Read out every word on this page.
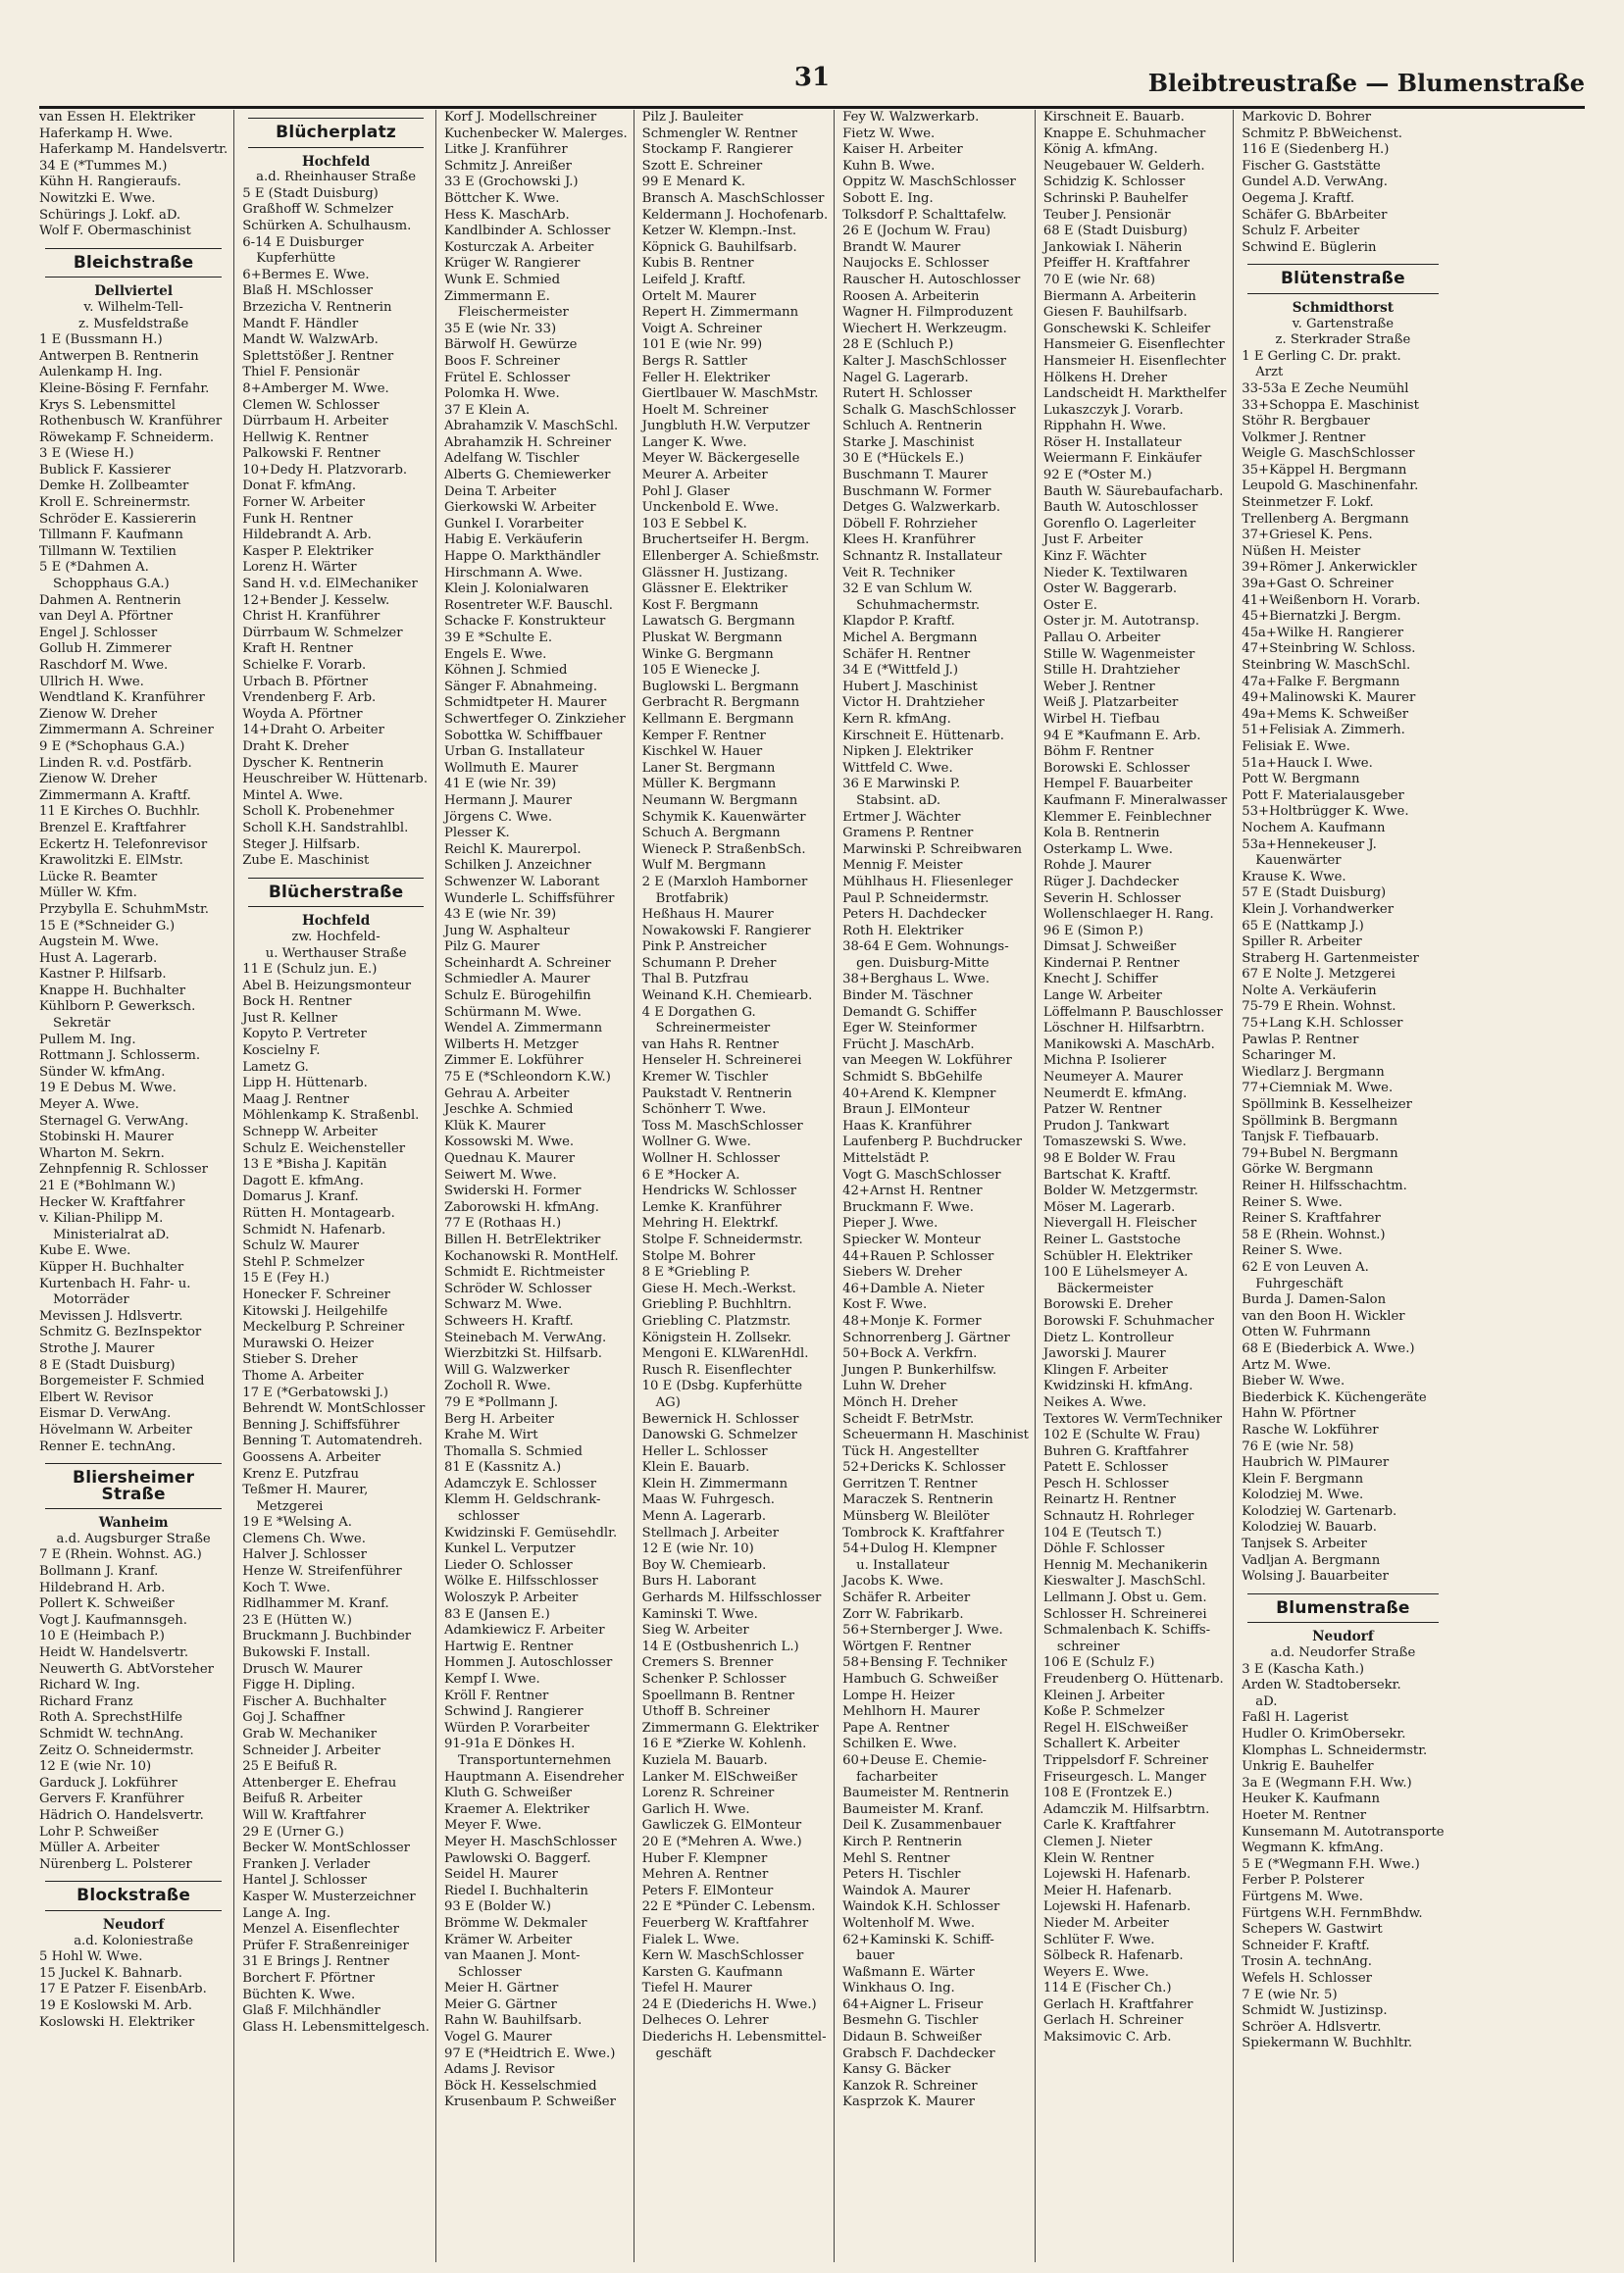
31	Bleibtreustraße — Blumenstraße
van Essen H. Elektriker
Haferkamp H. Wwe.
Haferkamp M. Handelsvertr.
34 E (*Tummes M.)
Kühn H. Rangieraufs.
Nowitzki E. Wwe.
Schürings J. Lokf. aD.
Wolf F. Obermaschinist
Bleichstraße
Dellviertel
v. Wilhelm-Tell-
z. Musfeldstraße
1 E (Bussmann H.)
Antwerpen B. Rentnerin
Aulenkamp H. Ing.
Kleine-Bösing F. Fernfahr.
Krys S. Lebensmittel
Rothenbusch W. Kranführer
Röwekamp F. Schneiderm.
3 E (Wiese H.)
Bublick F. Kassierer
Demke H. Zollbeamter
Kroll E. Schreinermstr.
Schröder E. Kassiererin
Tillmann F. Kaufmann
Tillmann W. Textilien
5 E (*Dahmen A.
Schopphaus G.A.)
Dahmen A. Rentnerin
van Deyl A. Pförtner
Engel J. Schlosser
Gollub H. Zimmerer
Raschdorf M. Wwe.
Ullrich H. Wwe.
Wendtland K. Kranführer
Zienow W. Dreher
Zimmermann A. Schreiner
9 E (*Schophaus G.A.)
Linden R. v.d. Postfärb.
Zienow W. Dreher
Zimmermann A. Kraftf.
11 E Kirches O. Buchhlr.
Brenzel E. Kraftfahrer
Eckertz H. Telefonrevisor
Krawolitzki E. ElMstr.
Lücke R. Beamter
Müller W. Kfm.
Przybylla E. SchuhmMstr.
15 E (*Schneider G.)
Augstein M. Wwe.
Hust A. Lagerarb.
Kastner P. Hilfsarb.
Knappe H. Buchhalter
Kühlborn P. Gewerksch.
Sekretär
Pullem M. Ing.
Rottmann J. Schlosserm.
Sünder W. kfmAng.
19 E Debus M. Wwe.
Meyer A. Wwe.
Sternagel G. VerwAng.
Stobinski H. Maurer
Wharton M. Sekrn.
Zehnpfennig R. Schlosser
21 E (*Bohlmann W.)
Hecker W. Kraftfahrer
v. Kilian-Philipp M.
Ministerialrat aD.
Kube E. Wwe.
Küpper H. Buchhalter
Kurtenbach H. Fahr- u.
Motorräder
Mevissen J. Hdlsvertr.
Schmitz G. BezInspektor
Strothe J. Maurer
8 E (Stadt Duisburg)
Borgemeister F. Schmied
Elbert W. Revisor
Eismar D. VerwAng.
Hövelmann W. Arbeiter
Renner E. technAng.
Bliersheimer Straße
Wanheim
a.d. Augsburger Straße
7 E (Rhein. Wohnst. AG.)
Bollmann J. Kranf.
Hildebrand H. Arb.
Pollert K. Schweißer
Vogt J. Kaufmannsgeh.
10 E (Heimbach P.)
Heidt W. Handelsvertr.
Neuwerth G. AbtVorsteher
Richard W. Ing.
Richard Franz
Roth A. SprechstHilfe
Schmidt W. technAng.
Zeitz O. Schneidermstr.
12 E (wie Nr. 10)
Garduck J. Lokführer
Gervers F. Kranführer
Hädrich O. Handelsvertr.
Lohr P. Schweißer
Müller A. Arbeiter
Nürenberg L. Polsterer
Blockstraße
Neudorf
a.d. Koloniestraße
5 Hohl W. Wwe.
15 Juckel K. Bahnarb.
17 E Patzer F. EisenbArb.
19 E Koslowski M. Arb.
Koslowski H. Elektriker
Blücherplatz
Hochfeld
a.d. Rheinhauser Straße
5 E (Stadt Duisburg)
Graßhoff W. Schmelzer
Schürken A. Schulhausm.
6-14 E Duisburger
Kupferhütte
6+Bermes E. Wwe.
Blaß H. MSchlosser
Brzezicha V. Rentnerin
Mandt F. Händler
Mandt W. WalzwArb.
Splettstößer J. Rentner
Thiel F. Pensionär
8+Amberger M. Wwe.
Clemen W. Schlosser
Dürrbaum H. Arbeiter
Hellwig K. Rentner
Palkowski F. Rentner
10+Dedy H. Platzvorarb.
Donat F. kfmAng.
Forner W. Arbeiter
Funk H. Rentner
Hildebrandt A. Arb.
Kasper P. Elektriker
Lorenz H. Wärter
Sand H. v.d. ElMechaniker
12+Bender J. Kesselw.
Christ H. Kranführer
Dürrbaum W. Schmelzer
Kraft H. Rentner
Schielke F. Vorarb.
Urbach B. Pförtner
Vrendenberg F. Arb.
Woyda A. Pförtner
14+Draht O. Arbeiter
Draht K. Dreher
Dyscher K. Rentnerin
Heuschreiber W. Hüttenarb.
Mintel A. Wwe.
Scholl K. Probenehmer
Scholl K.H. Sandstrahlbl.
Steger J. Hilfsarb.
Zube E. Maschinist
Blücherstraße
Hochfeld
zw. Hochfeld-
u. Werthauser Straße
11 E (Schulz jun. E.)
Abel B. Heizungsmonteur
Bock H. Rentner
Just R. Kellner
Kopyto P. Vertreter
Koscielny F.
Lametz G.
Lipp H. Hüttenarb.
Maag J. Rentner
Möhlenkamp K. Straßenbl.
Schnepp W. Arbeiter
Schulz E. Weichensteller
13 E *Bisha J. Kapitän
Dagott E. kfmAng.
Domarus J. Kranf.
Rütten H. Montagearb.
Schmidt N. Hafenarb.
Schulz W. Maurer
Stehl P. Schmelzer
15 E (Fey H.)
Honecker F. Schreiner
Kitowski J. Heilgehilfe
Meckelburg P. Schreiner
Murawski O. Heizer
Stieber S. Dreher
Thome A. Arbeiter
17 E (*Gerbatowski J.)
Behrendt W. MontSchlosser
Benning J. Schiffsführer
Benning T. Automatendreh.
Goossens A. Arbeiter
Krenz E. Putzfrau
Teßmer H. Maurer,
Metzgerei
19 E *Welsing A.
Clemens Ch. Wwe.
Halver J. Schlosser
Henze W. Streifenführer
Koch T. Wwe.
Ridlhammer M. Kranf.
23 E (Hütten W.)
Bruckmann J. Buchbinder
Bukowski F. Install.
Drusch W. Maurer
Figge H. Dipling.
Fischer A. Buchhalter
Goj J. Schaffner
Grab W. Mechaniker
Schneider J. Arbeiter
25 E Beifuß R.
Attenberger E. Ehefrau
Beifuß R. Arbeiter
Will W. Kraftfahrer
29 E (Urner G.)
Becker W. MontSchlosser
Franken J. Verlader
Hantel J. Schlosser
Kasper W. Musterzeichner
Lange A. Ing.
Menzel A. Eisenflechter
Prüfer F. Straßenreiniger
31 E Brings J. Rentner
Borchert F. Pförtner
Büchten K. Wwe.
Glaß F. Milchhändler
Glass H. Lebensmittelgesch.
Korf J. Modellschreiner
Kuchenbecker W. Malerges.
Litke J. Kranführer
Schmitz J. Anreißer
33 E (Grochowski J.)
Böttcher K. Wwe.
Hess K. MaschArb.
Kandlbinder A. Schlosser
Kosturczak A. Arbeiter
Krüger W. Rangierer
Wunk E. Schmied
Zimmermann E.
Fleischermeister
35 E (wie Nr. 33)
Bärwolf H. Gewürze
Boos F. Schreiner
Frütel E. Schlosser
Polomka H. Wwe.
37 E Klein A.
Abrahamzik V. MaschSchl.
Abrahamzik H. Schreiner
Adelfang W. Tischler
Alberts G. Chemiewerker
Deina T. Arbeiter
Gierkowski W. Arbeiter
Gunkel I. Vorarbeiter
Habig E. Verkäuferin
Happe O. Markthändler
Hirschmann A. Wwe.
Klein J. Kolonialwaren
Rosentreter W.F. Bauschl.
Schacke F. Konstrukteur
39 E *Schulte E.
Engels E. Wwe.
Köhnen J. Schmied
Sänger F. Abnahmeing.
Schmidtpeter H. Maurer
Schwertfeger O. Zinkzieher
Sobottka W. Schiffbauer
Urban G. Installateur
Wollmuth E. Maurer
41 E (wie Nr. 39)
Hermann J. Maurer
Jörgens C. Wwe.
Plesser K.
Reichl K. Maurerpol.
Schilken J. Anzeichner
Schwenzer W. Laborant
Wunderle L. Schiffsführer
43 E (wie Nr. 39)
Jung W. Asphalteur
Pilz G. Maurer
Scheinhardt A. Schreiner
Schmiedler A. Maurer
Schulz E. Bürogehilfin
Schürmann M. Wwe.
Wendel A. Zimmermann
Wilberts H. Metzger
Zimmer E. Lokführer
75 E (*Schleondorn K.W.)
Gehrau A. Arbeiter
Jeschke A. Schmied
Klük K. Maurer
Kossowski M. Wwe.
Quednau K. Maurer
Seiwert M. Wwe.
Swiderski H. Former
Zaborowski H. kfmAng.
77 E (Rothaas H.)
Billen H. BetrElektriker
Kochanowski R. MontHelf.
Schmidt E. Richtmeister
Schröder W. Schlosser
Schwarz M. Wwe.
Schweers H. Kraftf.
Steinebach M. VerwAng.
Wierzbitzki St. Hilfsarb.
Will G. Walzwerker
Zocholl R. Wwe.
79 E *Pollmann J.
Berg H. Arbeiter
Krahe M. Wirt
Thomalla S. Schmied
81 E (Kassnitz A.)
Adamczyk E. Schlosser
Klemm H. Geldschrank-
schlosser
Kwidzinski F. Gemüsehdlr.
Kunkel L. Verputzer
Lieder O. Schlosser
Wölke E. Hilfsschlosser
Woloszyk P. Arbeiter
83 E (Jansen E.)
Adamkiewicz F. Arbeiter
Hartwig E. Rentner
Hommen J. Autoschlosser
Kempf I. Wwe.
Kröll F. Rentner
Schwind J. Rangierer
Würden P. Vorarbeiter
91-91a E Dönkes H.
Transportunternehmen
Hauptmann A. Eisendreher
Kluth G. Schweißer
Kraemer A. Elektriker
Meyer F. Wwe.
Meyer H. MaschSchlosser
Pawlowski O. Baggerf.
Seidel H. Maurer
Riedel I. Buchhalterin
93 E (Bolder W.)
Brömme W. Dekmaler
Krämer W. Arbeiter
van Maanen J. Mont-
Schlosser
Meier H. Gärtner
Meier G. Gärtner
Rahn W. Bauhilfsarb.
Vogel G. Maurer
97 E (*Heidtrich E. Wwe.)
Adams J. Revisor
Böck H. Kesselschmied
Krusenbaum P. Schweißer
Pilz J. Bauleiter
Schmengler W. Rentner
Stockamp F. Rangierer
Szott E. Schreiner
99 E Menard K.
Bransch A. MaschSchlosser
Keldermann J. Hochofenarb.
Ketzer W. Klempn.-Inst.
Köpnick G. Bauhilfsarb.
Kubis B. Rentner
Leifeld J. Kraftf.
Ortelt M. Maurer
Repert H. Zimmermann
Voigt A. Schreiner
101 E (wie Nr. 99)
Bergs R. Sattler
Feller H. Elektriker
Giertlbauer W. MaschMstr.
Hoelt M. Schreiner
Jungbluth H.W. Verputzer
Langer K. Wwe.
Meyer W. Bäckergeselle
Meurer A. Arbeiter
Pohl J. Glaser
Unckenbold E. Wwe.
103 E Sebbel K.
Bruchertseifer H. Bergm.
Ellenberger A. Schießmstr.
Glässner H. Justizang.
Glässner E. Elektriker
Kost F. Bergmann
Lawatsch G. Bergmann
Pluskat W. Bergmann
Winke G. Bergmann
105 E Wienecke J.
Buglowski L. Bergmann
Gerbracht R. Bergmann
Kellmann E. Bergmann
Kemper F. Rentner
Kischkel W. Hauer
Laner St. Bergmann
Müller K. Bergmann
Neumann W. Bergmann
Schymik K. Kauenwärter
Schuch A. Bergmann
Wieneck P. StraßenbSch.
Wulf M. Bergmann
2 E (Marxloh Hamborner
Brotfabrik)
Heßhaus H. Maurer
Nowakowski F. Rangierer
Pink P. Anstreicher
Schumann P. Dreher
Thal B. Putzfrau
Weinand K.H. Chemiearb.
4 E Dorgathen G.
Schreinermeister
van Hahs R. Rentner
Henseler H. Schreinerei
Kremer W. Tischler
Paukstadt V. Rentnerin
Schönherr T. Wwe.
Toss M. MaschSchlosser
Wollner G. Wwe.
Wollner H. Schlosser
6 E *Hocker A.
Hendricks W. Schlosser
Lemke K. Kranführer
Mehring H. Elektrkf.
Stolpe F. Schneidermstr.
Stolpe M. Bohrer
8 E *Griebling P.
Giese H. Mech.-Werkst.
Griebling P. Buchhltrn.
Griebling C. Platzmstr.
Königstein H. Zollsekr.
Mengoni E. KLWarenHdl.
Rusch R. Eisenflechter
10 E (Dsbg. Kupferhütte
AG)
Bewernick H. Schlosser
Danowski G. Schmelzer
Heller L. Schlosser
Klein E. Bauarb.
Klein H. Zimmermann
Maas W. Fuhrgesch.
Menn A. Lagerarb.
Stellmach J. Arbeiter
12 E (wie Nr. 10)
Boy W. Chemiearb.
Burs H. Laborant
Gerhards M. Hilfsschlosser
Kaminski T. Wwe.
Sieg W. Arbeiter
14 E (Ostbushenrich L.)
Cremers S. Brenner
Schenker P. Schlosser
Spoellmann B. Rentner
Uthoff B. Schreiner
Zimmermann G. Elektriker
16 E *Zierke W. Kohlenh.
Kuziela M. Bauarb.
Lanker M. ElSchweißer
Lorenz R. Schreiner
Garlich H. Wwe.
Gawliczek G. ElMonteur
20 E (*Mehren A. Wwe.)
Huber F. Klempner
Mehren A. Rentner
Peters F. ElMonteur
22 E *Pünder C. Lebensm.
Feuerberg W. Kraftfahrer
Fialek L. Wwe.
Kern W. MaschSchlosser
Karsten G. Kaufmann
Tiefel H. Maurer
24 E (Diederichs H. Wwe.)
Delheces O. Lehrer
Diederichs H. Lebensmittel-
geschäft
Fey W. Walzwerkarb.
Fietz W. Wwe.
Kaiser H. Arbeiter
Kuhn B. Wwe.
Oppitz W. MaschSchlosser
Sobott E. Ing.
Tolksdorf P. Schalttafelw.
26 E (Jochum W. Frau)
Brandt W. Maurer
Naujocks E. Schlosser
Rauscher H. Autoschlosser
Roosen A. Arbeiterin
Wagner H. Filmproduzent
Wiechert H. Werkzeugm.
28 E (Schluch P.)
Kalter J. MaschSchlosser
Nagel G. Lagerarb.
Rutert H. Schlosser
Schalk G. MaschSchlosser
Schluch A. Rentnerin
Starke J. Maschinist
30 E (*Hückels E.)
Buschmann T. Maurer
Buschmann W. Former
Detges G. Walzwerkarb.
Döbell F. Rohrzieher
Klees H. Kranführer
Schnantz R. Installateur
Veit R. Techniker
32 E van Schlum W.
Schuhmachermstr.
Klapdor P. Kraftf.
Michel A. Bergmann
Schäfer H. Rentner
34 E (*Wittfeld J.)
Hubert J. Maschinist
Victor H. Drahtzieher
Kern R. kfmAng.
Kirschneit E. Hüttenarb.
Nipken J. Elektriker
Wittfeld C. Wwe.
36 E Marwinski P.
Stabsint. aD.
Ertmer J. Wächter
Gramens P. Rentner
Marwinski P. Schreibwaren
Mennig F. Meister
Mühlhaus H. Fliesenleger
Paul P. Schneidermstr.
Peters H. Dachdecker
Roth H. Elektriker
38-64 E Gem. Wohnungs-
gen. Duisburg-Mitte
38+Berghaus L. Wwe.
Binder M. Täschner
Demandt G. Schiffer
Eger W. Steinformer
Frücht J. MaschArb.
van Meegen W. Lokführer
Schmidt S. BbGehilfe
40+Arend K. Klempner
Braun J. ElMonteur
Haas K. Kranführer
Laufenberg P. Buchdrucker
Mittelstädt P.
Vogt G. MaschSchlosser
42+Arnst H. Rentner
Bruckmann F. Wwe.
Pieper J. Wwe.
Spiecker W. Monteur
44+Rauen P. Schlosser
Siebers W. Dreher
46+Damble A. Nieter
Kost F. Wwe.
48+Monje K. Former
Schnorrenberg J. Gärtner
50+Bock A. Verkfrn.
Jungen P. Bunkerhilfsw.
Luhn W. Dreher
Mönch H. Dreher
Scheidt F. BetrMstr.
Scheuermann H. Maschinist
Tück H. Angestellter
52+Dericks K. Schlosser
Gerritzen T. Rentner
Maraczek S. Rentnerin
Münsberg W. Bleilöter
Tombrock K. Kraftfahrer
54+Dulog H. Klempner
u. Installateur
Jacobs K. Wwe.
Schäfer R. Arbeiter
Zorr W. Fabrikarb.
56+Sternberger J. Wwe.
Wörtgen F. Rentner
58+Bensing F. Techniker
Hambuch G. Schweißer
Lompe H. Heizer
Mehlhorn H. Maurer
Pape A. Rentner
Schilken E. Wwe.
60+Deuse E. Chemie-
facharbeiter
Baumeister M. Rentnerin
Baumeister M. Kranf.
Deil K. Zusammenbauer
Kirch P. Rentnerin
Mehl S. Rentner
Peters H. Tischler
Waindok A. Maurer
Waindok K.H. Schlosser
Woltenholf M. Wwe.
62+Kaminski K. Schiff-
bauer
Waßmann E. Wärter
Winkhaus O. Ing.
64+Aigner L. Friseur
Besmehn G. Tischler
Didaun B. Schweißer
Grabsch F. Dachdecker
Kansy G. Bäcker
Kanzok R. Schreiner
Kasprzok K. Maurer
Kirschneit E. Bauarb.
Knappe E. Schuhmacher
König A. kfmAng.
Neugebauer W. Gelderh.
Schidzig K. Schlosser
Schrinski P. Bauhelfer
Teuber J. Pensionär
68 E (Stadt Duisburg)
Jankowiak I. Näherin
Pfeiffer H. Kraftfahrer
70 E (wie Nr. 68)
Biermann A. Arbeiterin
Giesen F. Bauhilfsarb.
Gonschewski K. Schleifer
Hansmeier G. Eisenflechter
Hansmeier H. Eisenflechter
Hölkens H. Dreher
Landscheidt H. Markthelfer
Lukaszczyk J. Vorarb.
Ripphahn H. Wwe.
Röser H. Installateur
Weiermann F. Einkäufer
92 E (*Oster M.)
Bauth W. Säurebaufacharb.
Bauth W. Autoschlosser
Gorenflo O. Lagerleiter
Just F. Arbeiter
Kinz F. Wächter
Nieder K. Textilwaren
Oster W. Baggerarb.
Oster E.
Oster jr. M. Autotransp.
Pallau O. Arbeiter
Stille W. Wagenmeister
Stille H. Drahtzieher
Weber J. Rentner
Weiß J. Platzarbeiter
Wirbel H. Tiefbau
94 E *Kaufmann E. Arb.
Böhm F. Rentner
Borowski E. Schlosser
Hempel F. Bauarbeiter
Kaufmann F. Mineralwasser
Klemmer E. Feinblechner
Kola B. Rentnerin
Osterkamp L. Wwe.
Rohde J. Maurer
Rüger J. Dachdecker
Severin H. Schlosser
Wollenschlaeger H. Rang.
96 E (Simon P.)
Dimsat J. Schweißer
Kindernai P. Rentner
Knecht J. Schiffer
Lange W. Arbeiter
Löffelmann P. Bauschlosser
Löschner H. Hilfsarbtrn.
Manikowski A. MaschArb.
Michna P. Isolierer
Neumeyer A. Maurer
Neumerdt E. kfmAng.
Patzer W. Rentner
Prudon J. Tankwart
Tomaszewski S. Wwe.
98 E Bolder W. Frau
Bartschat K. Kraftf.
Bolder W. Metzgermstr.
Möser M. Lagerarb.
Nievergall H. Fleischer
Reiner L. Gaststoche
Schübler H. Elektriker
100 E Lühelsmeyer A.
Bäckermeister
Borowski E. Dreher
Borowski F. Schuhmacher
Dietz L. Kontrolleur
Jaworski J. Maurer
Klingen F. Arbeiter
Kwidzinski H. kfmAng.
Neikes A. Wwe.
Textores W. VermTechniker
102 E (Schulte W. Frau)
Buhren G. Kraftfahrer
Patett E. Schlosser
Pesch H. Schlosser
Reinartz H. Rentner
Schnautz H. Rohrleger
104 E (Teutsch T.)
Döhle F. Schlosser
Hennig M. Mechanikerin
Kieswalter J. MaschSchl.
Lellmann J. Obst u. Gem.
Schlosser H. Schreinerei
Schmalenbach K. Schiffs-
schreiner
106 E (Schulz F.)
Freudenberg O. Hüttenarb.
Kleinen J. Arbeiter
Koße P. Schmelzer
Regel H. ElSchweißer
Schallert K. Arbeiter
Trippelsdorf F. Schreiner
Friseurgesch. L. Manger
108 E (Frontzek E.)
Adamczik M. Hilfsarbtrn.
Carle K. Kraftfahrer
Clemen J. Nieter
Klein W. Rentner
Lojewski H. Hafenarb.
Meier H. Hafenarb.
Lojewski H. Hafenarb.
Nieder M. Arbeiter
Schlüter F. Wwe.
Sölbeck R. Hafenarb.
Weyers E. Wwe.
114 E (Fischer Ch.)
Gerlach H. Kraftfahrer
Gerlach H. Schreiner
Maksimovic C. Arb.
Markovic D. Bohrer
Schmitz P. BbWeichenst.
116 E (Siedenberg H.)
Fischer G. Gaststätte
Gundel A.D. VerwAng.
Oegema J. Kraftf.
Schäfer G. BbArbeiter
Schulz F. Arbeiter
Schwind E. Büglerin
Blütenstraße
Schmidthorst
v. Gartenstraße
z. Sterkrader Straße
1 E Gerling C. Dr. prakt.
Arzt
33-53a E Zeche Neumühl
33+Schoppa E. Maschinist
Stöhr R. Bergbauer
Volkmer J. Rentner
Weigle G. MaschSchlosser
35+Käppel H. Bergmann
Leupold G. Maschinenfahr.
Steinmetzer F. Lokf.
Trellenberg A. Bergmann
37+Griesel K. Pens.
Nüßen H. Meister
39+Römer J. Ankerwickler
39a+Gast O. Schreiner
41+Weißenborn H. Vorarb.
45+Biernatzki J. Bergm.
45a+Wilke H. Rangierer
47+Steinbring W. Schloss.
Steinbring W. MaschSchl.
47a+Falke F. Bergmann
49+Malinowski K. Maurer
49a+Mems K. Schweißer
51+Felisiak A. Zimmerh.
Felisiak E. Wwe.
51a+Hauck I. Wwe.
Pott W. Bergmann
Pott F. Materialausgeber
53+Holtbrügger K. Wwe.
Nochem A. Kaufmann
53a+Hennekeuser J.
Kauenwärter
Krause K. Wwe.
57 E (Stadt Duisburg)
Klein J. Vorhandwerker
65 E (Nattkamp J.)
Spiller R. Arbeiter
Straberg H. Gartenmeister
67 E Nolte J. Metzgerei
Nolte A. Verkäuferin
75-79 E Rhein. Wohnst.
75+Lang K.H. Schlosser
Pawlas P. Rentner
Scharinger M.
Wiedlarz J. Bergmann
77+Ciemniak M. Wwe.
Spöllmink B. Kesselheizer
Spöllmink B. Bergmann
Tanjsk F. Tiefbauarb.
79+Bubel N. Bergmann
Görke W. Bergmann
Reiner H. Hilfsschachtm.
Reiner S. Wwe.
Reiner S. Kraftfahrer
58 E (Rhein. Wohnst.)
Reiner S. Wwe.
62 E von Leuven A.
Fuhrgeschäft
Burda J. Damen-Salon
van den Boon H. Wickler
Otten W. Fuhrmann
68 E (Biederbick A. Wwe.)
Artz M. Wwe.
Bieber W. Wwe.
Biederbick K. Küchengeräte
Hahn W. Pförtner
Rasche W. Lokführer
76 E (wie Nr. 58)
Haubrich W. PlMaurer
Klein F. Bergmann
Kolodziej M. Wwe.
Kolodziej W. Gartenarb.
Kolodziej W. Bauarb.
Tanjsek S. Arbeiter
Vadljan A. Bergmann
Wolsing J. Bauarbeiter
Blumenstraße
Neudorf
a.d. Neudorfer Straße
3 E (Kascha Kath.)
Arden W. Stadtobersekr.
aD.
Faßl H. Lagerist
Hudler O. KrimObersekr.
Klomphas L. Schneidermstr.
Unkrig E. Bauhelfer
3a E (Wegmann F.H. Ww.)
Heuker K. Kaufmann
Hoeter M. Rentner
Kunsemann M. Autotransporte
Wegmann K. kfmAng.
5 E (*Wegmann F.H. Wwe.)
Ferber P. Polsterer
Fürtgens M. Wwe.
Fürtgens W.H. FernmBhdw.
Schepers W. Gastwirt
Schneider F. Kraftf.
Trosin A. technAng.
Wefels H. Schlosser
7 E (wie Nr. 5)
Schmidt W. Justizinsp.
Schröer A. Hdlsvertr.
Spiekermann W. Buchhltr.
